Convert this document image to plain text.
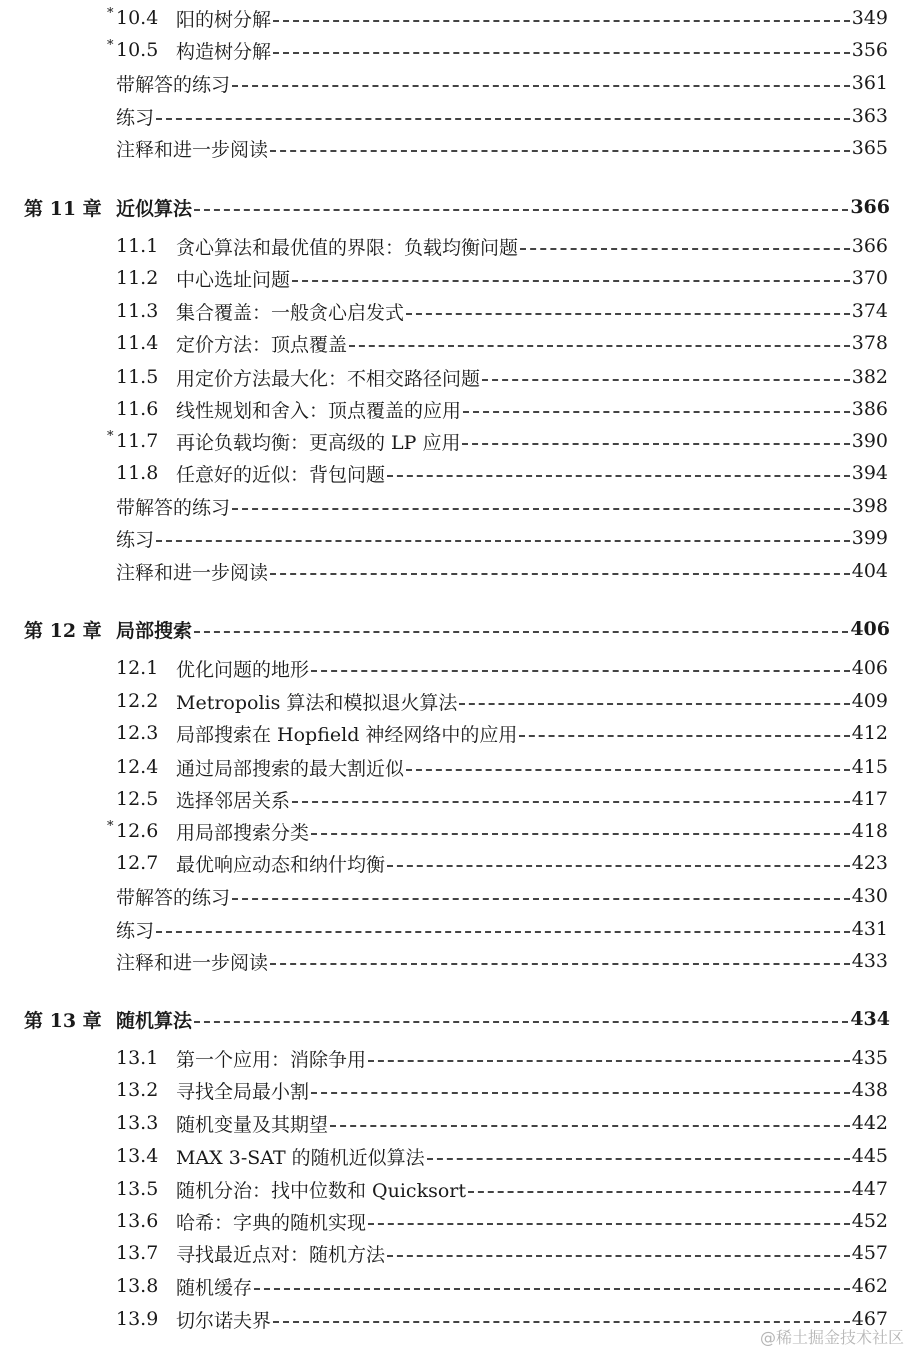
* 10.4 阳的树分解	349
* 10.5 构造树分解	356
带解答的练习	361
练习	363
注释和进一步阅读	365
第 11 章 近似算法	366
11.1 贪心算法和最优值的界限：负载均衡问题	366
11.2 中心选址问题	370
11.3 集合覆盖：一般贪心启发式	374
11.4 定价方法：顶点覆盖	378
11.5 用定价方法最大化：不相交路径问题	382
11.6 线性规划和舍入：顶点覆盖的应用	386
* 11.7 再论负载均衡：更高级的 LP 应用	390
11.8 任意好的近似：背包问题	394
带解答的练习	398
练习	399
注释和进一步阅读	404
第 12 章 局部搜索	406
12.1 优化问题的地形	406
12.2 Metropolis 算法和模拟退火算法	409
12.3 局部搜索在 Hopfield 神经网络中的应用	412
12.4 通过局部搜索的最大割近似	415
12.5 选择邻居关系	417
* 12.6 用局部搜索分类	418
12.7 最优响应动态和纳什均衡	423
带解答的练习	430
练习	431
注释和进一步阅读	433
第 13 章 随机算法	434
13.1 第一个应用：消除争用	435
13.2 寻找全局最小割	438
13.3 随机变量及其期望	442
13.4 MAX 3-SAT 的随机近似算法	445
13.5 随机分治：找中位数和 Quicksort	447
13.6 哈希：字典的随机实现	452
13.7 寻找最近点对：随机方法	457
13.8 随机缓存	462
13.9 切尔诺夫界	467
@稀土掘金技术社区
